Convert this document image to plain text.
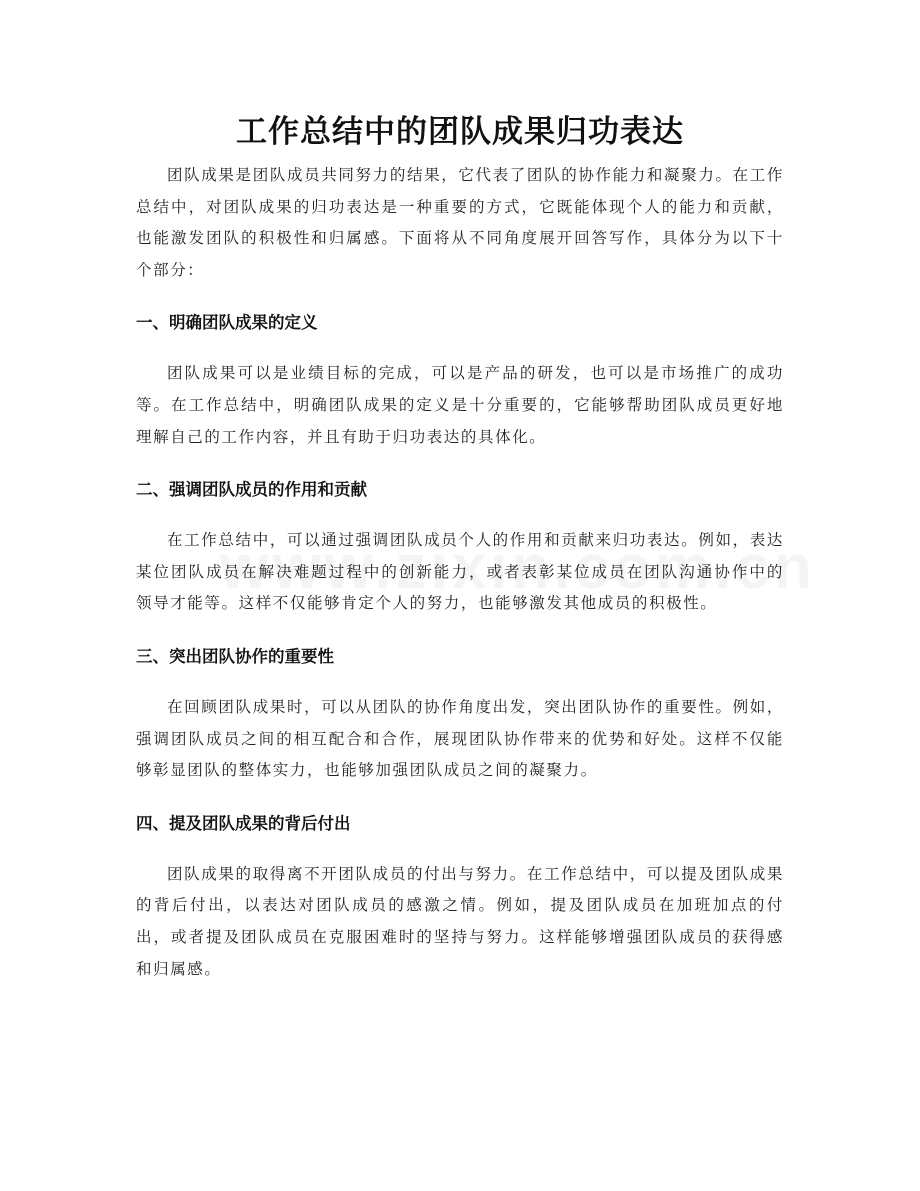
工作总结中的团队成果归功表达

团队成果是团队成员共同努力的结果，它代表了团队的协作能力和凝聚力。在工作总结中，对团队成果的归功表达是一种重要的方式，它既能体现个人的能力和贡献，也能激发团队的积极性和归属感。下面将从不同角度展开回答写作，具体分为以下十个部分：

一、明确团队成果的定义

团队成果可以是业绩目标的完成，可以是产品的研发，也可以是市场推广的成功等。在工作总结中，明确团队成果的定义是十分重要的，它能够帮助团队成员更好地理解自己的工作内容，并且有助于归功表达的具体化。

二、强调团队成员的作用和贡献

在工作总结中，可以通过强调团队成员个人的作用和贡献来归功表达。例如，表达某位团队成员在解决难题过程中的创新能力，或者表彰某位成员在团队沟通协作中的领导才能等。这样不仅能够肯定个人的努力，也能够激发其他成员的积极性。

三、突出团队协作的重要性

在回顾团队成果时，可以从团队的协作角度出发，突出团队协作的重要性。例如，强调团队成员之间的相互配合和合作，展现团队协作带来的优势和好处。这样不仅能够彰显团队的整体实力，也能够加强团队成员之间的凝聚力。

四、提及团队成果的背后付出

团队成果的取得离不开团队成员的付出与努力。在工作总结中，可以提及团队成果的背后付出，以表达对团队成员的感激之情。例如，提及团队成员在加班加点的付出，或者提及团队成员在克服困难时的坚持与努力。这样能够增强团队成员的获得感和归属感。
